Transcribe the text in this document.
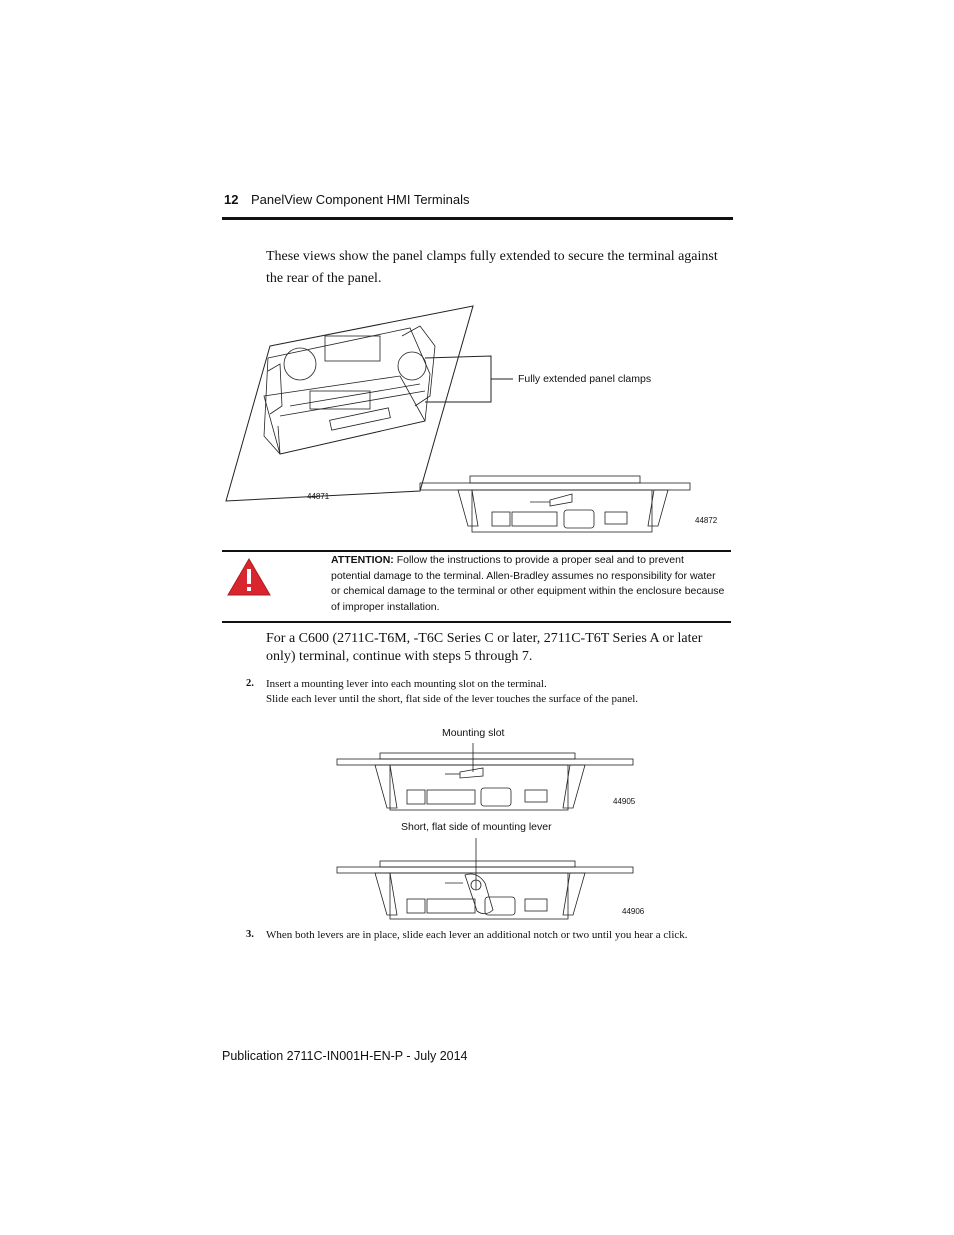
12 PanelView Component HMI Terminals
These views show the panel clamps fully extended to secure the terminal against the rear of the panel.
Fully extended panel clamps
44871
44872
ATTENTION: Follow the instructions to provide a proper seal and to prevent potential damage to the terminal. Allen-Bradley assumes no responsibility for water or chemical damage to the terminal or other equipment within the enclosure because of improper installation.
For a C600 (2711C-T6M, -T6C Series C or later, 2711C-T6T Series A or later only) terminal, continue with steps 5 through 7.
2. Insert a mounting lever into each mounting slot on the terminal.
Slide each lever until the short, flat side of the lever touches the surface of the panel.
Mounting slot
44905
Short, flat side of mounting lever
44906
3. When both levers are in place, slide each lever an additional notch or two until you hear a click.
Publication 2711C-IN001H-EN-P - July 2014
